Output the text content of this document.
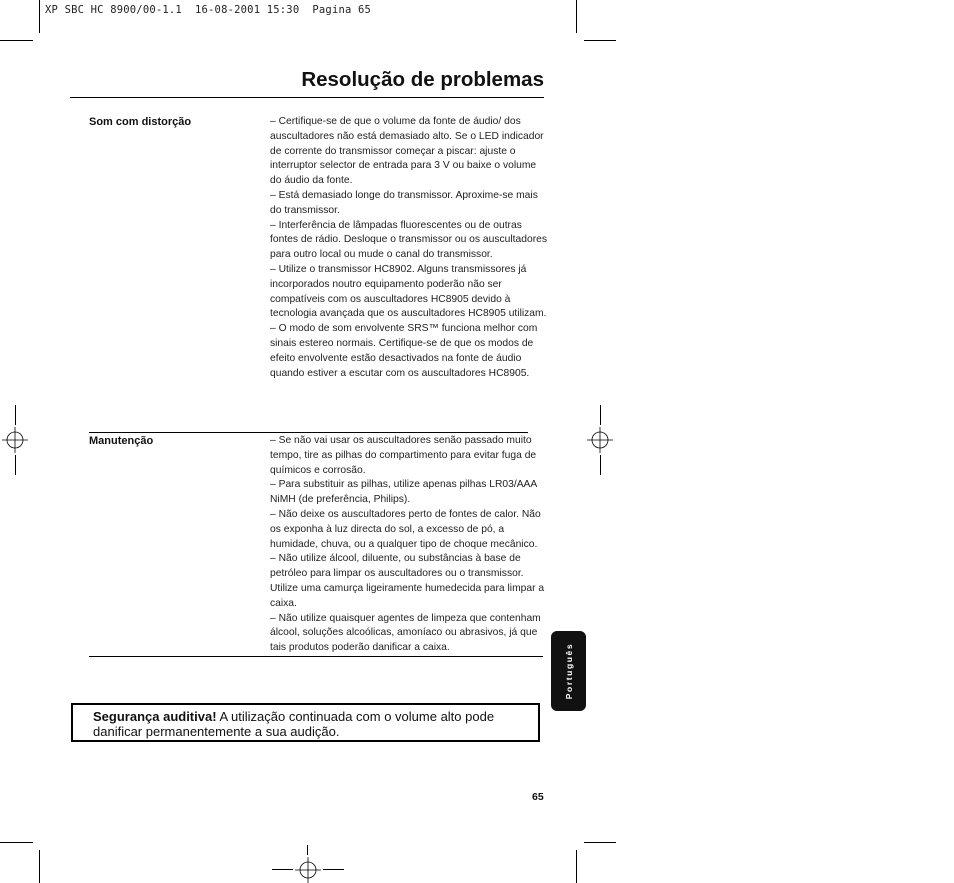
XP SBC HC 8900/00-1.1  16-08-2001 15:30  Pagina 65
Resolução de problemas
Som com distorção	– Certifique-se de que o volume da fonte de áudio/ dos auscultadores não está demasiado alto. Se o LED indicador de corrente do transmissor começar a piscar: ajuste o interruptor selector de entrada para 3 V ou baixe o volume do áudio da fonte.

– Está demasiado longe do transmissor. Aproxime-se mais do transmissor.

– Interferência de lâmpadas fluorescentes ou de outras fontes de rádio. Desloque o transmissor ou os auscultadores para outro local ou mude o canal do transmissor.

– Utilize o transmissor HC8902. Alguns transmissores já incorporados noutro equipamento poderão não ser compatíveis com os auscultadores HC8905 devido à tecnologia avançada que os auscultadores HC8905 utilizam.

– O modo de som envolvente SRS™ funciona melhor com sinais estereo normais. Certifique-se de que os modos de efeito envolvente estão desactivados na fonte de áudio quando estiver a escutar com os auscultadores HC8905.

Manutenção	– Se não vai usar os auscultadores senão passado muito tempo, tire as pilhas do compartimento para evitar fuga de químicos e corrosão.

– Para substituir as pilhas, utilize apenas pilhas LR03/AAA NiMH (de preferência, Philips).

– Não deixe os auscultadores perto de fontes de calor. Não os exponha à luz directa do sol, a excesso de pó, a humidade, chuva, ou a qualquer tipo de choque mecânico.

– Não utilize álcool, diluente, ou substâncias à base de petróleo para limpar os auscultadores ou o transmissor. Utilize uma camurça ligeiramente humedecida para limpar a caixa.

– Não utilize quaisquer agentes de limpeza que contenham álcool, soluções alcoólicas, amoníaco ou abrasivos, já que tais produtos poderão danificar a caixa.	Português
Segurança auditiva! A utilização continuada com o volume alto pode danificar permanentemente a sua audição.
65
